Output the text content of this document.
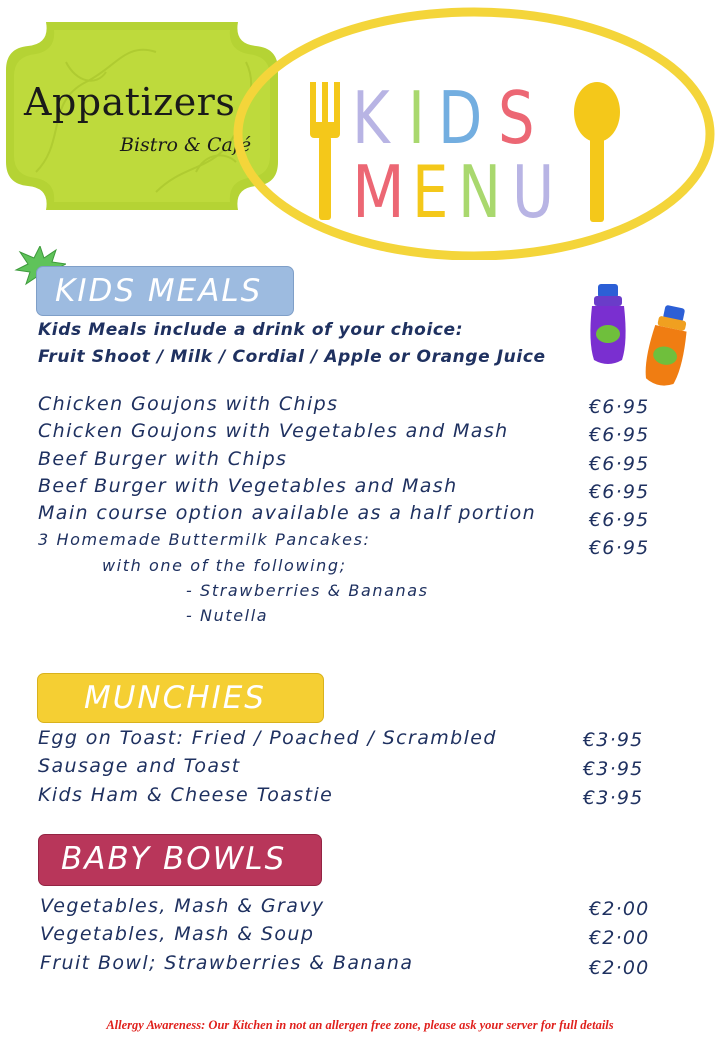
Appatizers
Bistro & Café K I D S
M E N U
KIDS MEALS
Kids Meals include a drink of your choice:
Fruit Shoot / Milk / Cordial / Apple or Orange Juice
Chicken Goujons with Chips	€6·95
Chicken Goujons with Vegetables and Mash	€6·95
Beef Burger with Chips	€6·95
Beef Burger with Vegetables and Mash	€6·95
Main course option available as a half portion	€6·95
3 Homemade Buttermilk Pancakes:	€6·95
with one of the following;
- Strawberries & Bananas
- Nutella
MUNCHIES
Egg on Toast: Fried / Poached / Scrambled	€3·95
Sausage and Toast	€3·95
Kids Ham & Cheese Toastie	€3·95
BABY BOWLS
Vegetables, Mash & Gravy	€2·00
Vegetables, Mash & Soup	€2·00
Fruit Bowl; Strawberries & Banana	€2·00
Allergy Awareness: Our Kitchen in not an allergen free zone, please ask your server for full details
